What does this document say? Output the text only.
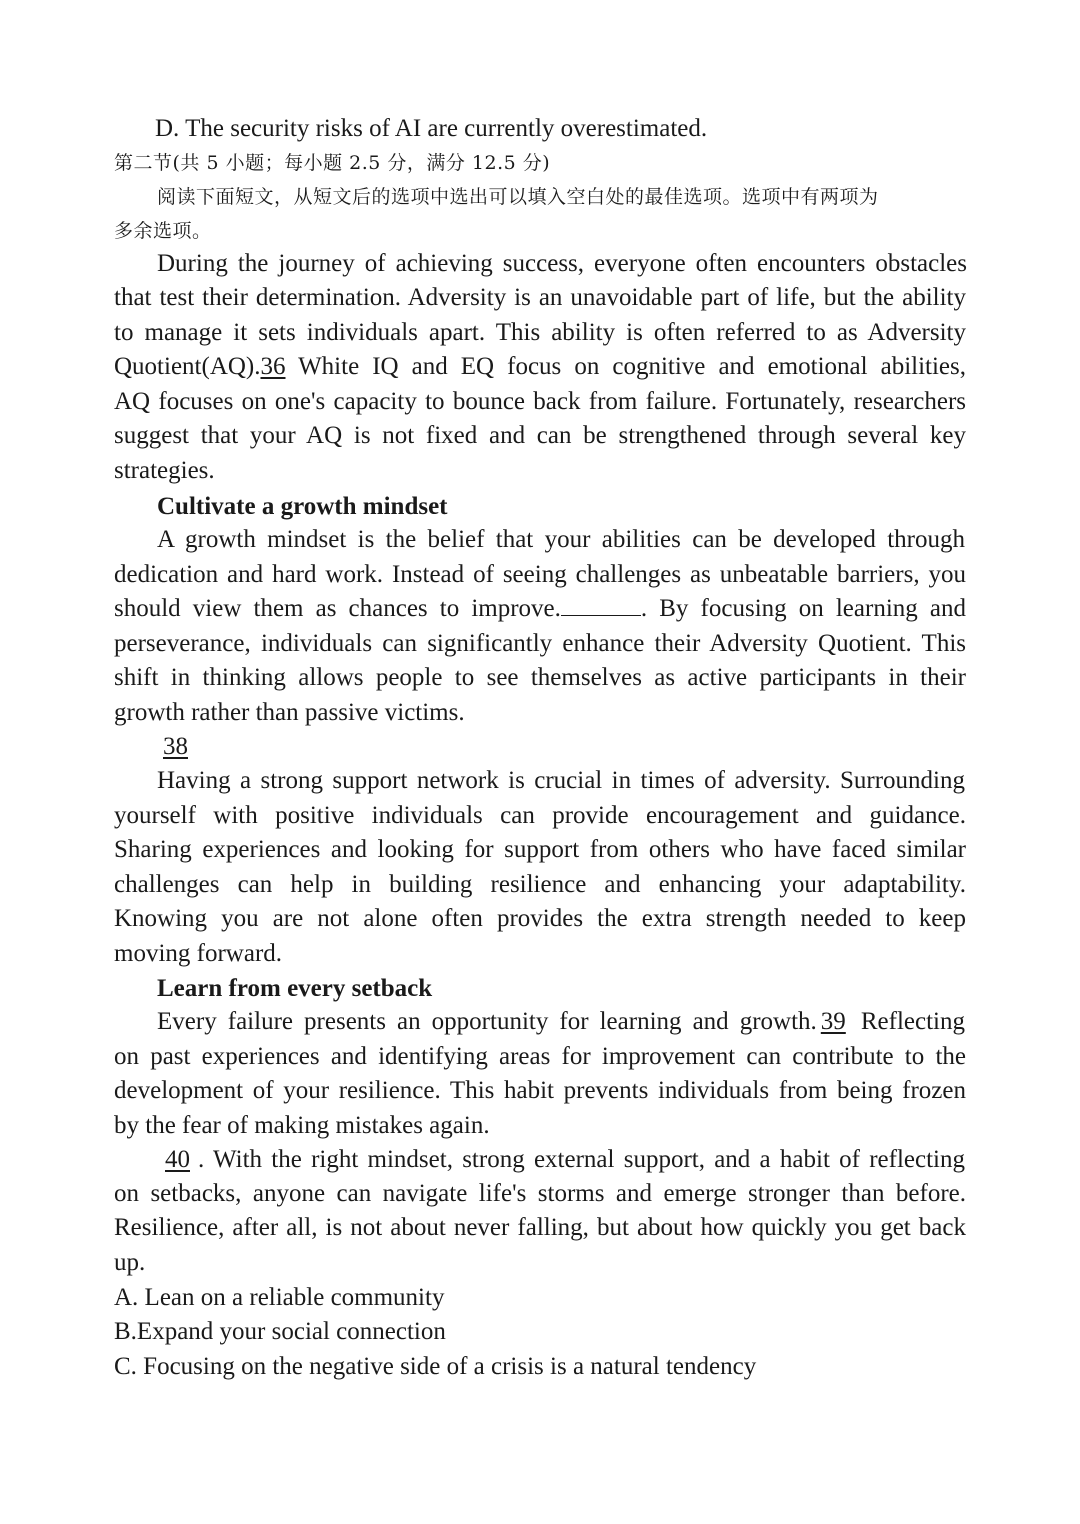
D. The security risks of AI are currently overestimated.
第二节(共 5 小题；每小题 2.5 分，满分 12.5 分)
阅读下面短文，从短文后的选项中选出可以填入空白处的最佳选项。选项中有两项为
多余选项。
During the journey of achieving success, everyone often encounters obstacles
that test their determination. Adversity is an unavoidable part of life, but the ability
to manage it sets individuals apart. This ability is often referred to as Adversity
Quotient(AQ).36 White IQ and EQ focus on cognitive and emotional abilities,
AQ focuses on one's capacity to bounce back from failure. Fortunately, researchers
suggest that your AQ is not fixed and can be strengthened through several key
strategies.
Cultivate a growth mindset
A growth mindset is the belief that your abilities can be developed through
dedication and hard work. Instead of seeing challenges as unbeatable barriers, you
should view them as chances to improve.	. By focusing on learning and
perseverance, individuals can significantly enhance their Adversity Quotient. This
shift in thinking allows people to see themselves as active participants in their
growth rather than passive victims.
38
Having a strong support network is crucial in times of adversity. Surrounding
yourself with positive individuals can provide encouragement and guidance.
Sharing experiences and looking for support from others who have faced similar
challenges can help in building resilience and enhancing your adaptability.
Knowing you are not alone often provides the extra strength needed to keep
moving forward.
Learn from every setback
Every failure presents an opportunity for learning and growth. 39 Reflecting
on past experiences and identifying areas for improvement can contribute to the
development of your resilience. This habit prevents individuals from being frozen
by the fear of making mistakes again.
40 . With the right mindset, strong external support, and a habit of reflecting
on setbacks, anyone can navigate life's storms and emerge stronger than before.
Resilience, after all, is not about never falling, but about how quickly you get back
up.
A. Lean on a reliable community
B.Expand your social connection
C. Focusing on the negative side of a crisis is a natural tendency
